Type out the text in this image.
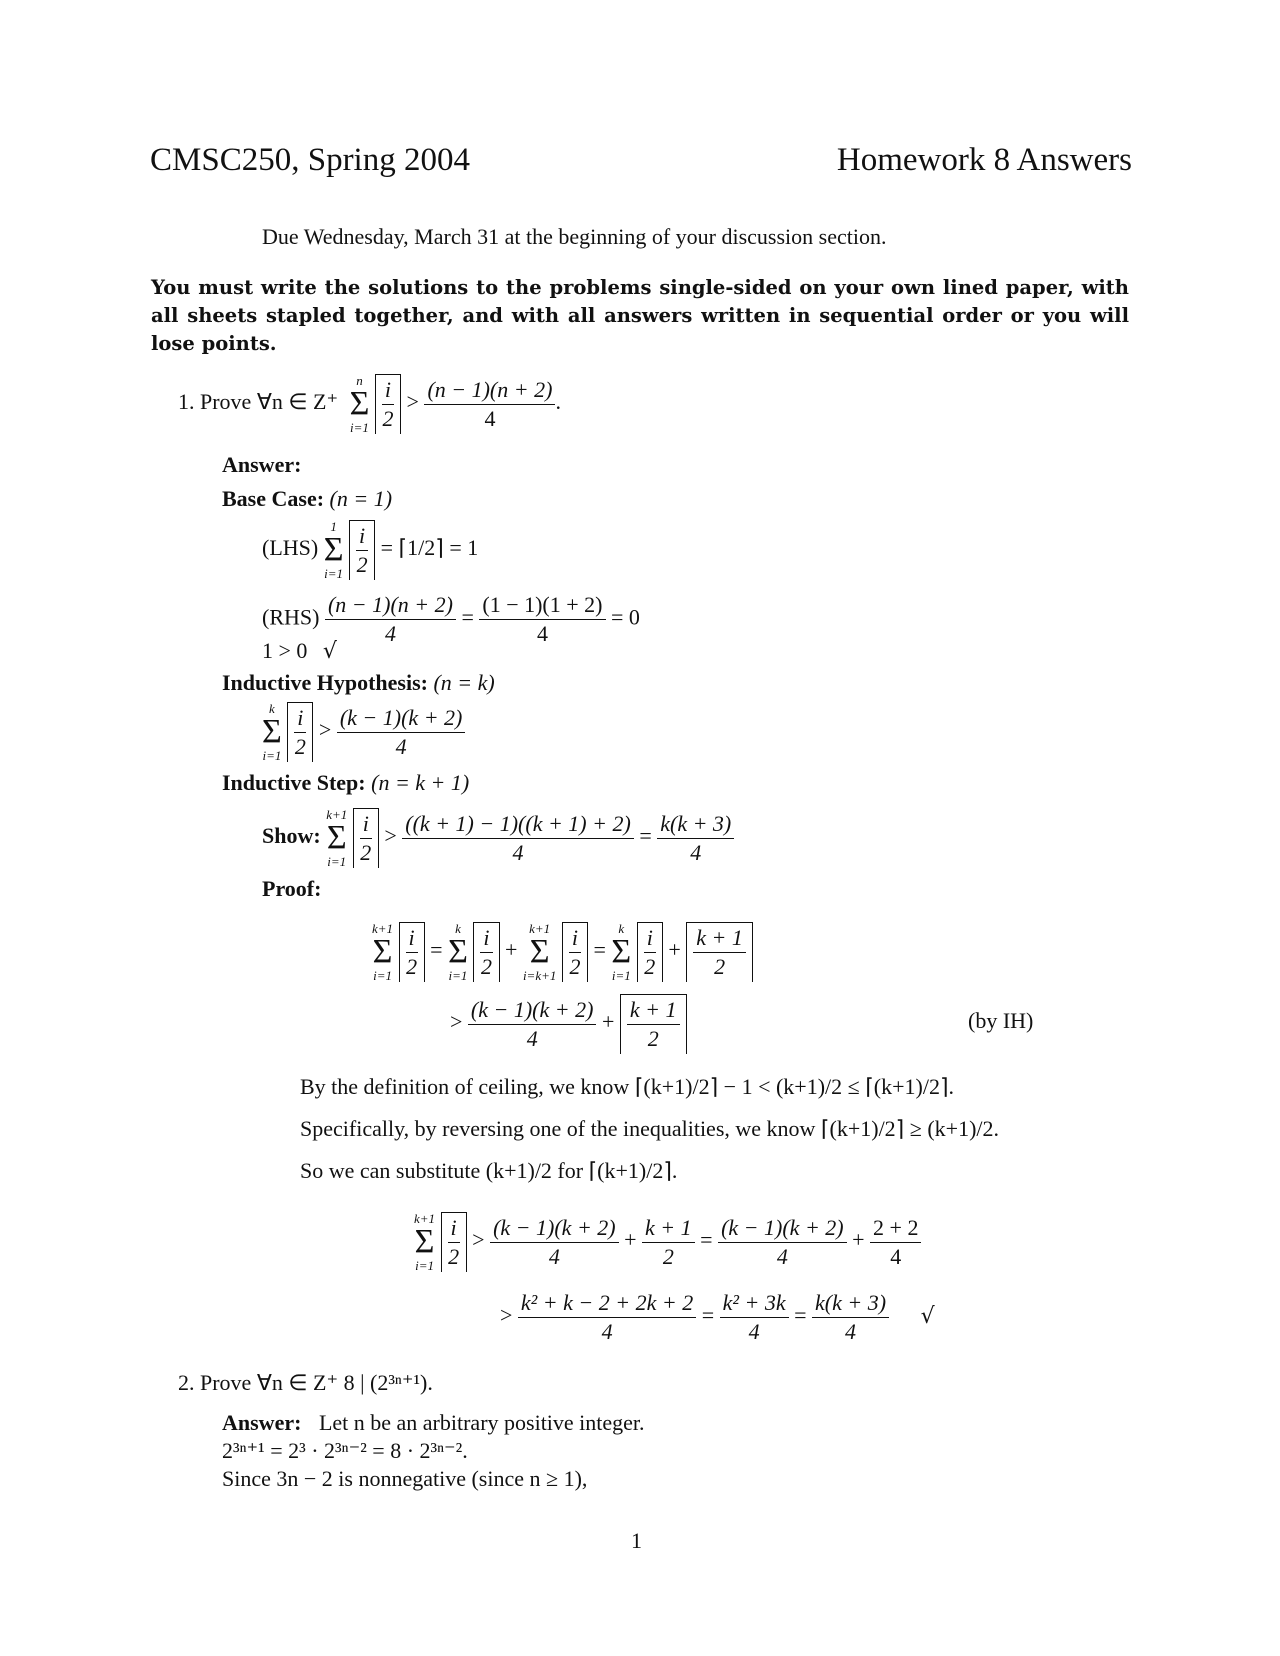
CMSC250, Spring 2004	Homework 8 Answers
Due Wednesday, March 31 at the beginning of your discussion section.
You must write the solutions to the problems single-sided on your own lined paper, with all sheets stapled together, and with all answers written in sequential order or you will lose points.
1. Prove ∀n ∈ Z⁺
n
Σ
i=1
$\frac{i}{2} > \frac{(n - 1)(n + 2)}{4}$ .
Answer:
Base Case: (n = 1)
(LHS)
1
Σ
i=1
$\frac{i}{2}$ = ⌈1/2⌉ = 1
$(RHS) \frac{(n - 1)(n + 2)}{4} = \frac{(1 - 1)(1 + 2)}{4} = 0$
1 > 0 √
Inductive Hypothesis: (n = k)
k
Σ
i=1
$\frac{i}{2} > \frac{(k - 1)(k + 2)}{4}$
Inductive Step: (n = k + 1)
Show:
k+1
Σ
i=1
$\frac{i}{2} > \frac{((k + 1) - 1)((k + 1) + 2)}{4} = \frac{k(k + 3)}{4}$
Proof:
k+1
Σ
i=1
$\frac{i}{2}$ =
k
Σ
i=1
$\frac{i}{2}$ +
k+1
Σ
i=k+1
$\frac{i}{2}$ =
k
Σ
i=1
$\frac{i}{2} + \frac{k + 1}{2}$
> $\frac{(k - 1)(k + 2)}{4} + \frac{k + 1}{2}$	(by IH)
By the definition of ceiling, we know ⌈(k+1)/2⌉ − 1 < (k+1)/2 ≤ ⌈(k+1)/2⌉.
Specifically, by reversing one of the inequalities, we know ⌈(k+1)/2⌉ ≥ (k+1)/2.
So we can substitute (k+1)/2 for ⌈(k+1)/2⌉.
k+1
Σ
i=1
$\frac{i}{2} > \frac{(k - 1)(k + 2)}{4} + \frac{k + 1}{2} = \frac{(k - 1)(k + 2)}{4} + \frac{2 + 2}{4}$
> $\frac{\text{k² + k − 2 + 2k + 2}}{4} = \frac{\text{k² + 3k}}{4} = \frac{k(k + 3)}{4}$ √
2. Prove ∀n ∈ Z⁺ 8 | (2³ⁿ⁺¹).
Answer: Let n be an arbitrary positive integer.
2³ⁿ⁺¹ = 2³ · 2³ⁿ⁻² = 8 · 2³ⁿ⁻².
Since 3n − 2 is nonnegative (since n ≥ 1),
1
